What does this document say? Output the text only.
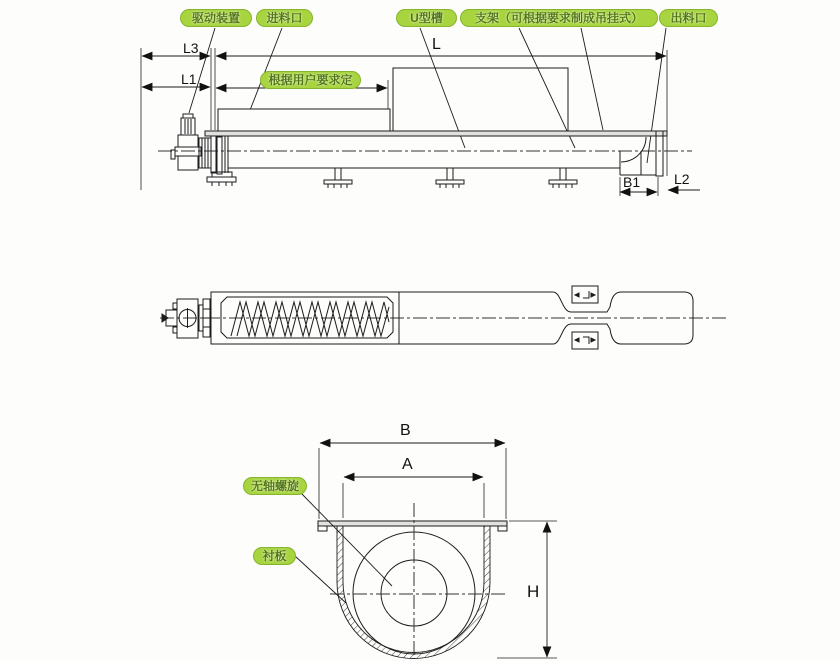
驱动装置	进料口	U型槽	支架（可根据要求制成吊挂式）	出料口
根据用户要求定
无轴螺旋
衬板
L3
L1
L
B1 L2
B
A
H
